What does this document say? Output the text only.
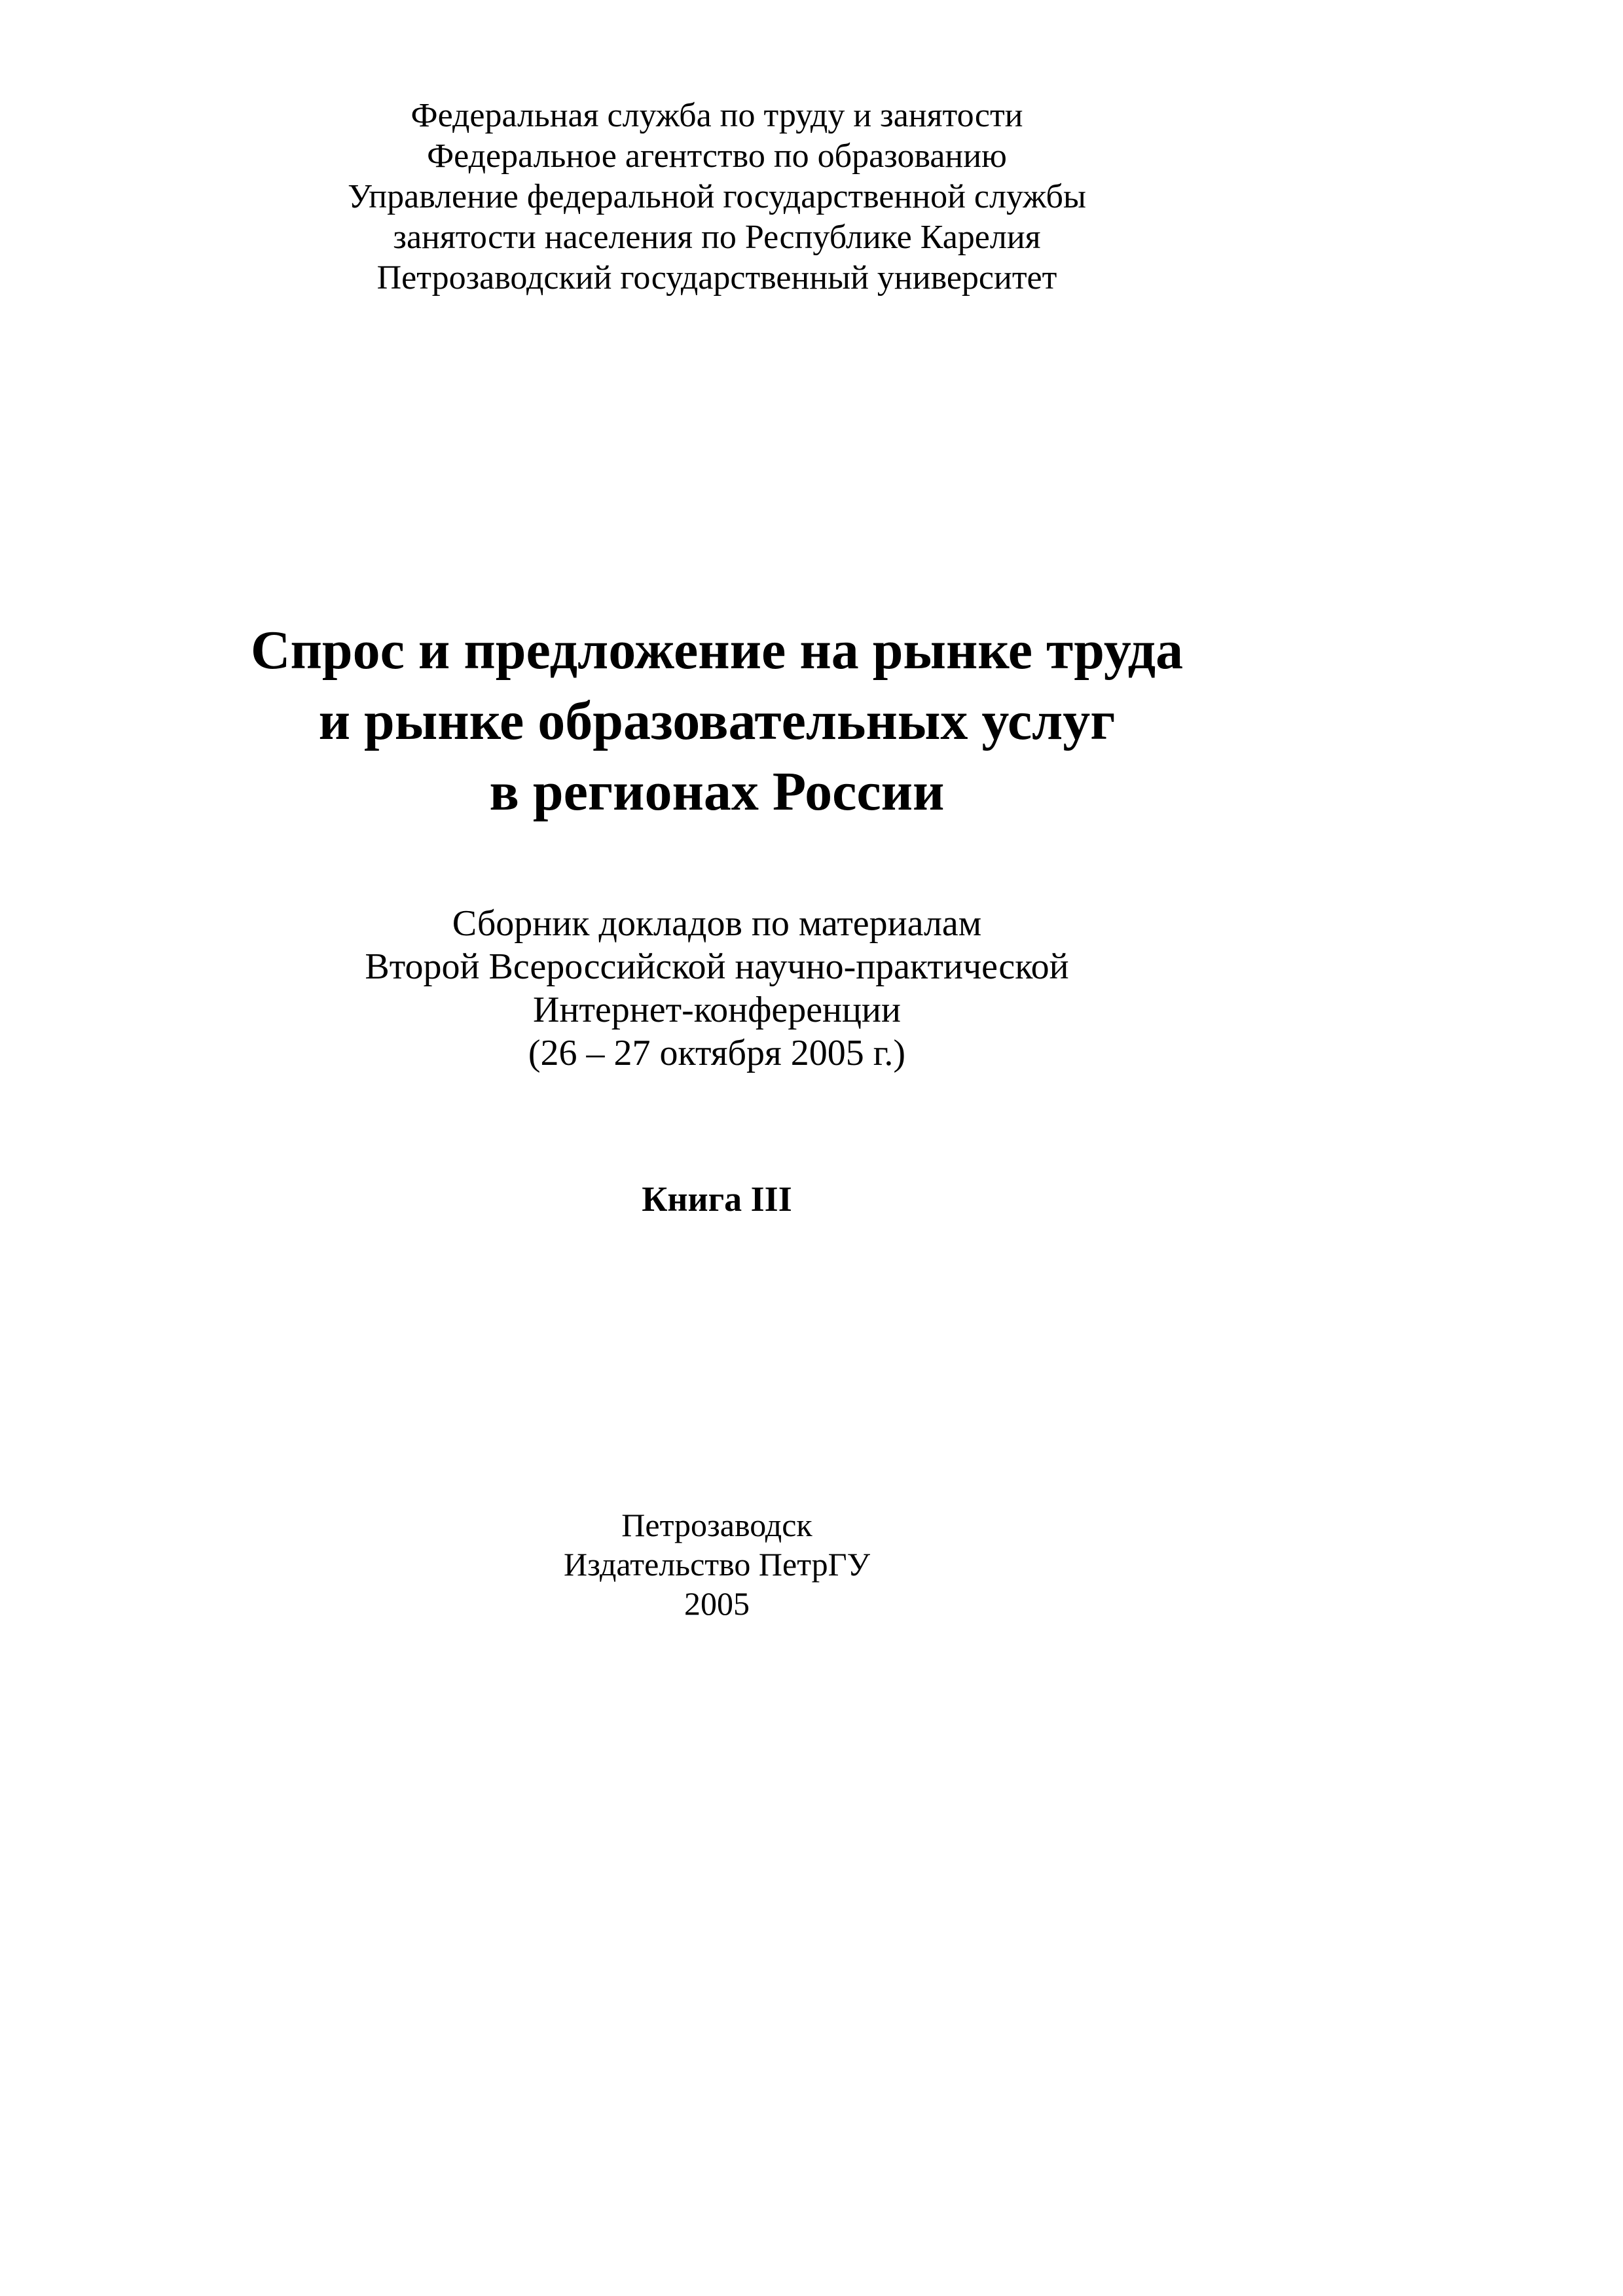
Федеральная служба по труду и занятости
Федеральное агентство по образованию
Управление федеральной государственной службы
занятости населения по Республике Карелия
Петрозаводский государственный университет
Спрос и предложение на рынке труда
и рынке образовательных услуг
в регионах России
Сборник докладов по материалам
Второй Всероссийской научно-практической
Интернет-конференции
(26 – 27 октября 2005 г.)
Книга III
Петрозаводск
Издательство ПетрГУ
2005
